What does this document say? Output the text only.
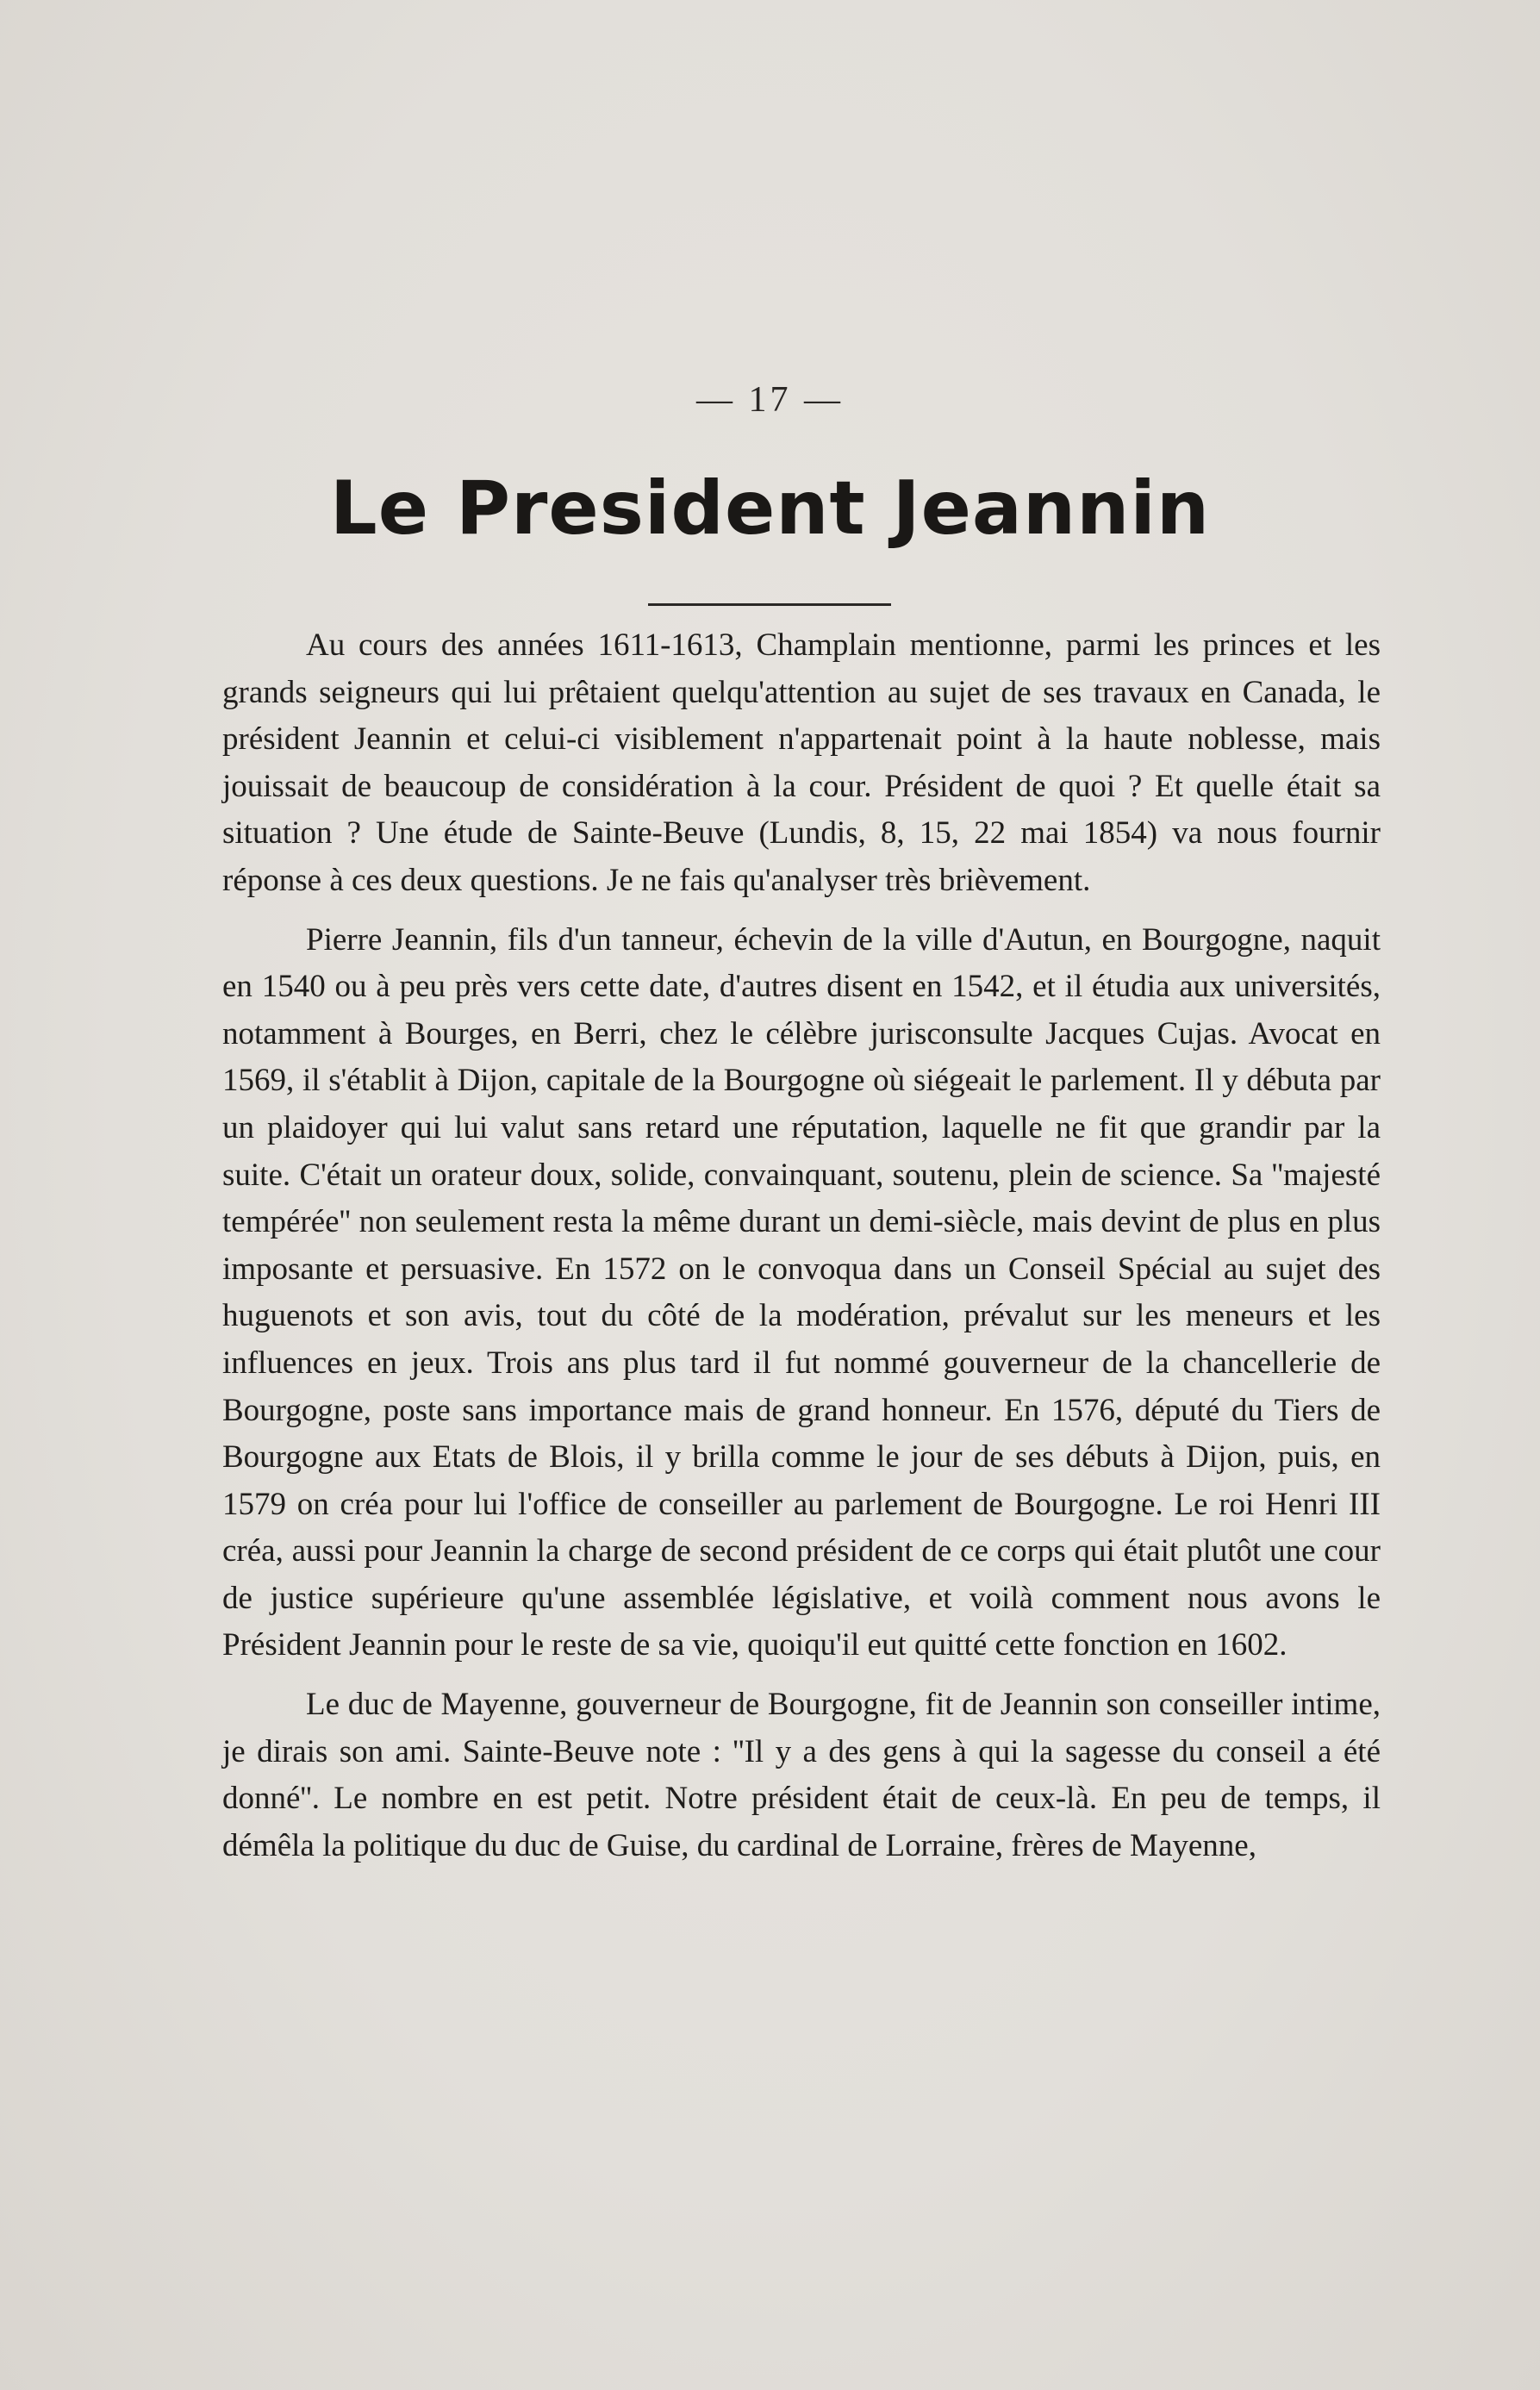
— 17 —
Le President Jeannin

Au cours des années 1611-1613, Champlain mentionne, parmi les princes et les grands seigneurs qui lui prêtaient quelqu'attention au sujet de ses travaux en Canada, le président Jeannin et celui-ci visiblement n'appartenait point à la haute noblesse, mais jouissait de beaucoup de considération à la cour. Président de quoi ? Et quelle était sa situation ? Une étude de Sainte-Beuve (Lundis, 8, 15, 22 mai 1854) va nous fournir réponse à ces deux questions. Je ne fais qu'analyser très brièvement.

Pierre Jeannin, fils d'un tanneur, échevin de la ville d'Autun, en Bourgogne, naquit en 1540 ou à peu près vers cette date, d'autres disent en 1542, et il étudia aux universités, notamment à Bourges, en Berri, chez le célèbre jurisconsulte Jacques Cujas. Avocat en 1569, il s'établit à Dijon, capitale de la Bourgogne où siégeait le parlement. Il y débuta par un plaidoyer qui lui valut sans retard une réputation, laquelle ne fit que grandir par la suite. C'était un orateur doux, solide, convainquant, soutenu, plein de science. Sa ''majesté tempérée'' non seulement resta la même durant un demi-siècle, mais devint de plus en plus imposante et persuasive. En 1572 on le convoqua dans un Conseil Spécial au sujet des huguenots et son avis, tout du côté de la modération, prévalut sur les meneurs et les influences en jeux. Trois ans plus tard il fut nommé gouverneur de la chancellerie de Bourgogne, poste sans importance mais de grand honneur. En 1576, député du Tiers de Bourgogne aux Etats de Blois, il y brilla comme le jour de ses débuts à Dijon, puis, en 1579 on créa pour lui l'office de conseiller au parlement de Bourgogne. Le roi Henri III créa, aussi pour Jeannin la charge de second président de ce corps qui était plutôt une cour de justice supérieure qu'une assemblée législative, et voilà comment nous avons le Président Jeannin pour le reste de sa vie, quoiqu'il eut quitté cette fonction en 1602.

Le duc de Mayenne, gouverneur de Bourgogne, fit de Jeannin son conseiller intime, je dirais son ami. Sainte-Beuve note : ''Il y a des gens à qui la sagesse du conseil a été donné''. Le nombre en est petit. Notre président était de ceux-là. En peu de temps, il démêla la politique du duc de Guise, du cardinal de Lorraine, frères de Mayenne,
